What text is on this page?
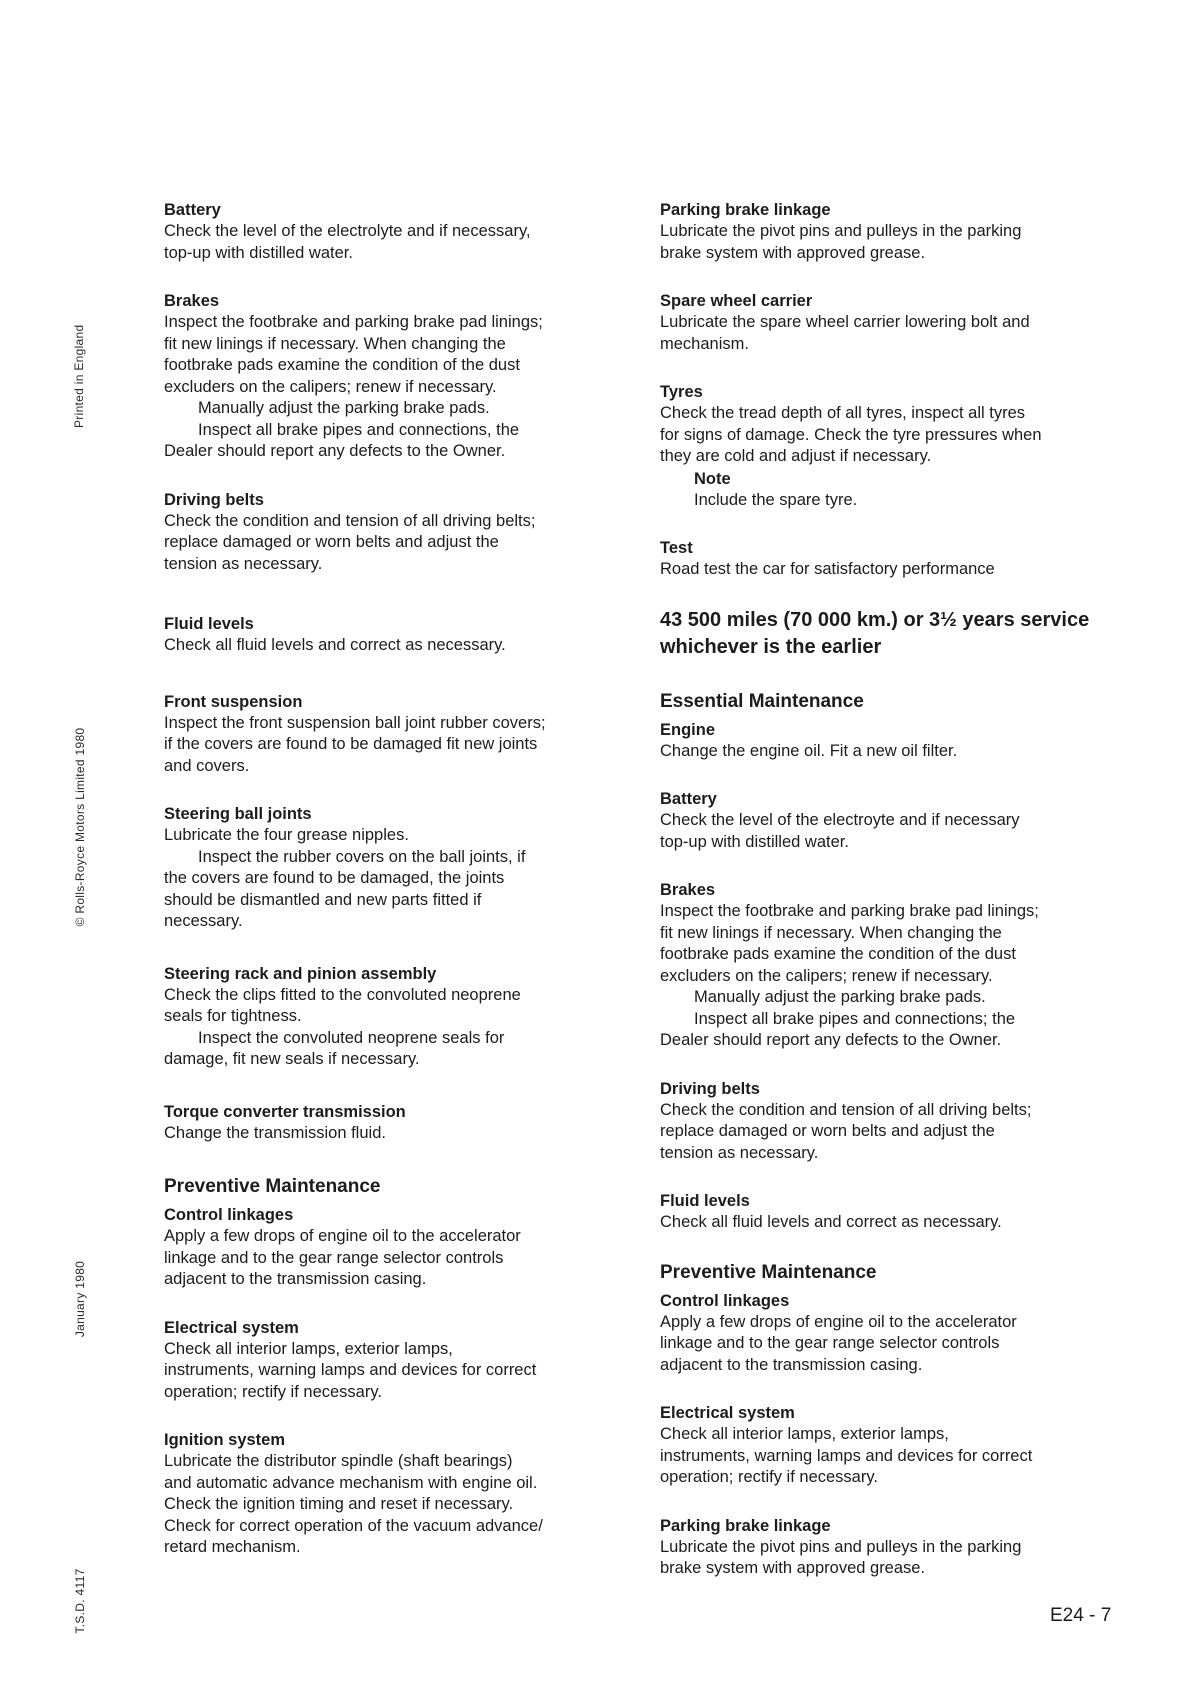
Printed in England
© Rolls-Royce Motors Limited 1980
January 1980
T.S.D. 4117
Battery
Check the level of the electrolyte and if necessary,
top-up with distilled water.
Brakes
Inspect the footbrake and parking brake pad linings;
fit new linings if necessary. When changing the
footbrake pads examine the condition of the dust
excluders on the calipers; renew if necessary.
Manually adjust the parking brake pads.
Inspect all brake pipes and connections, the
Dealer should report any defects to the Owner.
Driving belts
Check the condition and tension of all driving belts;
replace damaged or worn belts and adjust the
tension as necessary.
Fluid levels
Check all fluid levels and correct as necessary.
Front suspension
Inspect the front suspension ball joint rubber covers;
if the covers are found to be damaged fit new joints
and covers.
Steering ball joints
Lubricate the four grease nipples.
Inspect the rubber covers on the ball joints, if
the covers are found to be damaged, the joints
should be dismantled and new parts fitted if
necessary.
Steering rack and pinion assembly
Check the clips fitted to the convoluted neoprene
seals for tightness.
Inspect the convoluted neoprene seals for
damage, fit new seals if necessary.
Torque converter transmission
Change the transmission fluid.
Preventive Maintenance
Control linkages
Apply a few drops of engine oil to the accelerator
linkage and to the gear range selector controls
adjacent to the transmission casing.
Electrical system
Check all interior lamps, exterior lamps,
instruments, warning lamps and devices for correct
operation; rectify if necessary.
Ignition system
Lubricate the distributor spindle (shaft bearings)
and automatic advance mechanism with engine oil.
Check the ignition timing and reset if necessary.
Check for correct operation of the vacuum advance/
retard mechanism.
Parking brake linkage
Lubricate the pivot pins and pulleys in the parking
brake system with approved grease.
Spare wheel carrier
Lubricate the spare wheel carrier lowering bolt and
mechanism.
Tyres
Check the tread depth of all tyres, inspect all tyres
for signs of damage. Check the tyre pressures when
they are cold and adjust if necessary.
Note
Include the spare tyre.
Test
Road test the car for satisfactory performance
43 500 miles (70 000 km.) or 3½ years service
whichever is the earlier
Essential Maintenance
Engine
Change the engine oil. Fit a new oil filter.
Battery
Check the level of the electroyte and if necessary
top-up with distilled water.
Brakes
Inspect the footbrake and parking brake pad linings;
fit new linings if necessary. When changing the
footbrake pads examine the condition of the dust
excluders on the calipers; renew if necessary.
Manually adjust the parking brake pads.
Inspect all brake pipes and connections; the
Dealer should report any defects to the Owner.
Driving belts
Check the condition and tension of all driving belts;
replace damaged or worn belts and adjust the
tension as necessary.
Fluid levels
Check all fluid levels and correct as necessary.
Preventive Maintenance
Control linkages
Apply a few drops of engine oil to the accelerator
linkage and to the gear range selector controls
adjacent to the transmission casing.
Electrical system
Check all interior lamps, exterior lamps,
instruments, warning lamps and devices for correct
operation; rectify if necessary.
Parking brake linkage
Lubricate the pivot pins and pulleys in the parking
brake system with approved grease.
E24 - 7
